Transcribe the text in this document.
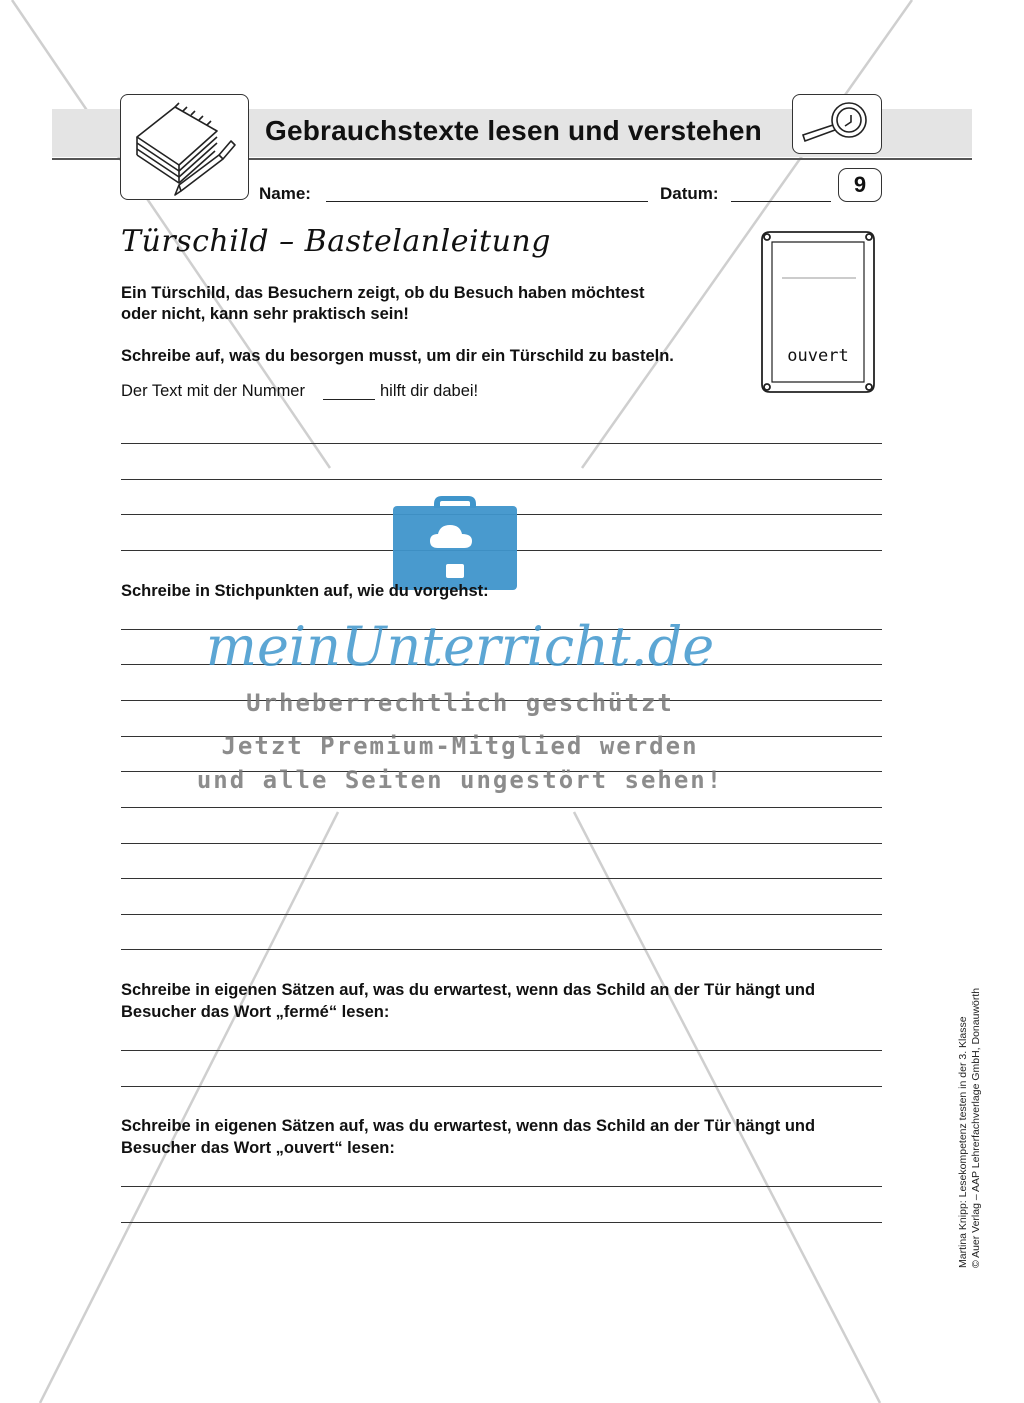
Gebrauchstexte lesen und verstehen
Name:	Datum:	9
Türschild – Bastelanleitung
Ein Türschild, das Besuchern zeigt, ob du Besuch haben möchtest
oder nicht, kann sehr praktisch sein!
Schreibe auf, was du besorgen musst, um dir ein Türschild zu basteln.
Der Text mit der Nummer	hilft dir dabei!
ouvert
Schreibe in Stichpunkten auf, wie du vorgehst:
meinUnterricht.de
Urheberrechtlich geschützt
Jetzt Premium-Mitglied werden
und alle Seiten ungestört sehen!
Schreibe in eigenen Sätzen auf, was du erwartest, wenn das Schild an der Tür hängt und
Besucher das Wort „fermé“ lesen:
Schreibe in eigenen Sätzen auf, was du erwartest, wenn das Schild an der Tür hängt und
Besucher das Wort „ouvert“ lesen:	Martina Knipp: Lesekompetenz testen in der 3. Klasse © Auer Verlag – AAP Lehrerfachverlage GmbH, Donauwörth
